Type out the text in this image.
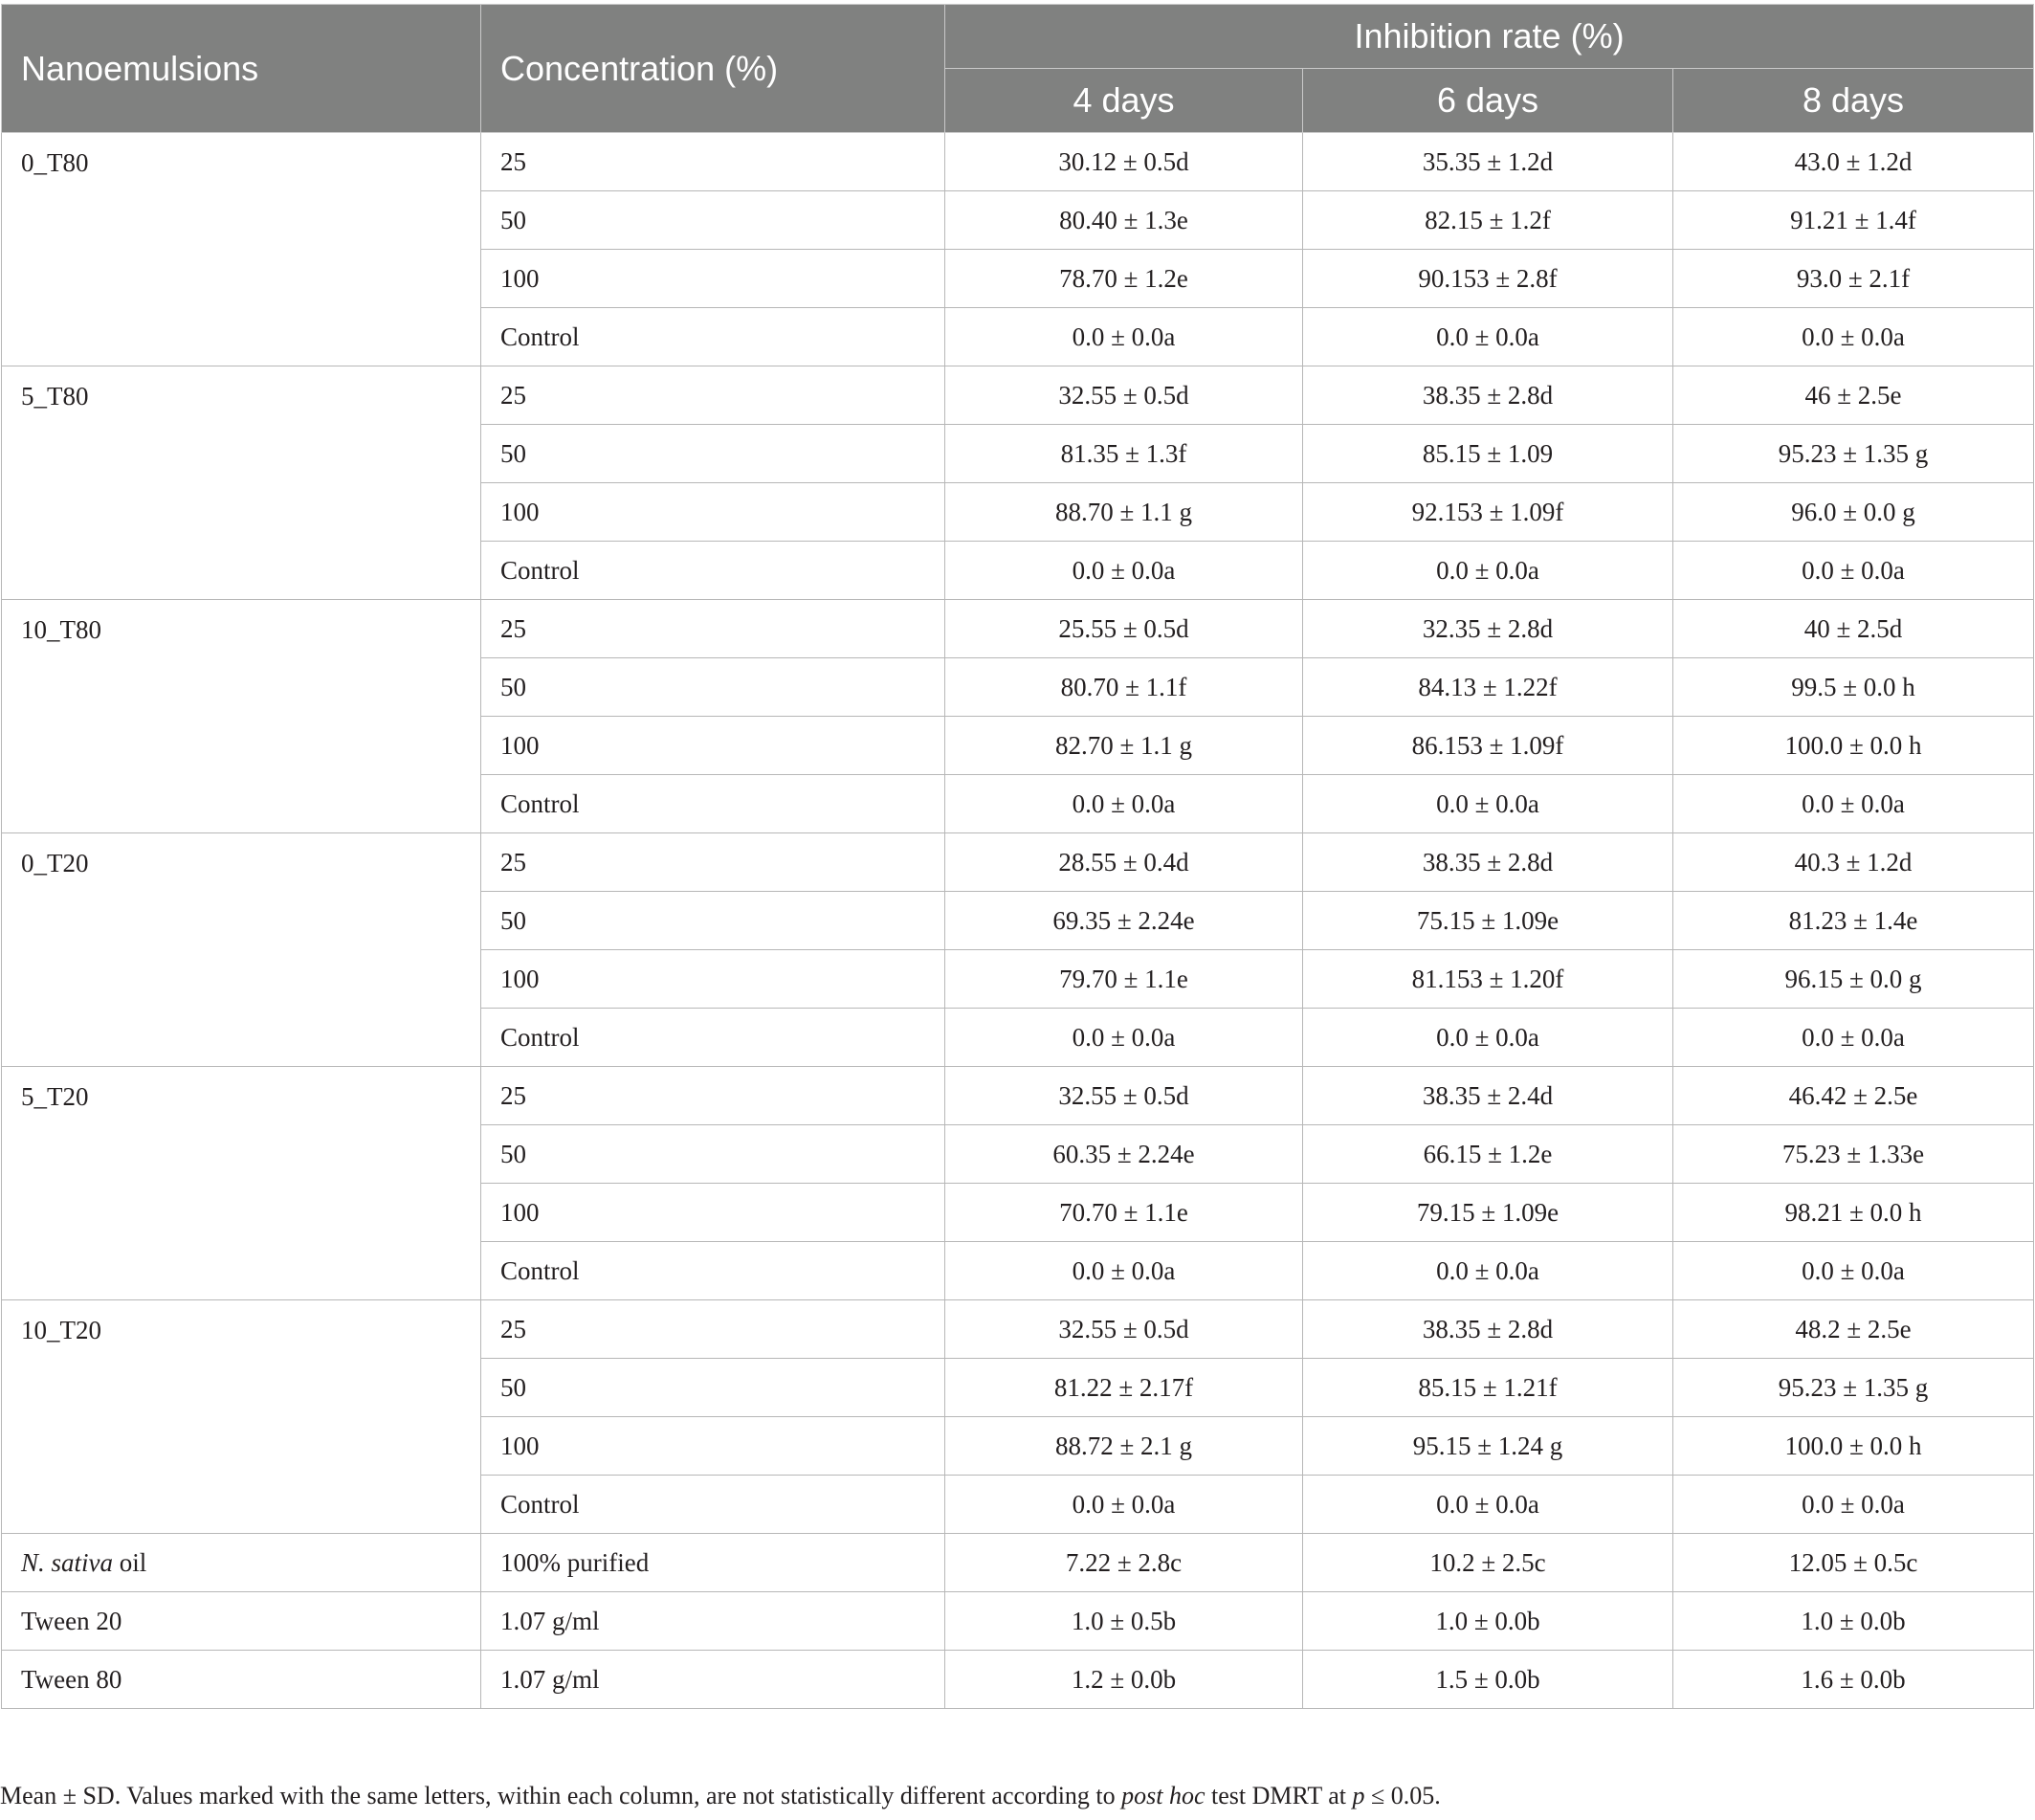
Nanoemulsions	Concentration (%)	Inhibition rate (%)		
		4 days	6 days	8 days
0_T80	25	30.12 ± 0.5d	35.35 ± 1.2d	43.0 ± 1.2d
	50	80.40 ± 1.3e	82.15 ± 1.2f	91.21 ± 1.4f
	100	78.70 ± 1.2e	90.153 ± 2.8f	93.0 ± 2.1f
	Control	0.0 ± 0.0a	0.0 ± 0.0a	0.0 ± 0.0a
5_T80	25	32.55 ± 0.5d	38.35 ± 2.8d	46 ± 2.5e
	50	81.35 ± 1.3f	85.15 ± 1.09	95.23 ± 1.35 g
	100	88.70 ± 1.1 g	92.153 ± 1.09f	96.0 ± 0.0 g
	Control	0.0 ± 0.0a	0.0 ± 0.0a	0.0 ± 0.0a
10_T80	25	25.55 ± 0.5d	32.35 ± 2.8d	40 ± 2.5d
	50	80.70 ± 1.1f	84.13 ± 1.22f	99.5 ± 0.0 h
	100	82.70 ± 1.1 g	86.153 ± 1.09f	100.0 ± 0.0 h
	Control	0.0 ± 0.0a	0.0 ± 0.0a	0.0 ± 0.0a
0_T20	25	28.55 ± 0.4d	38.35 ± 2.8d	40.3 ± 1.2d
	50	69.35 ± 2.24e	75.15 ± 1.09e	81.23 ± 1.4e
	100	79.70 ± 1.1e	81.153 ± 1.20f	96.15 ± 0.0 g
	Control	0.0 ± 0.0a	0.0 ± 0.0a	0.0 ± 0.0a
5_T20	25	32.55 ± 0.5d	38.35 ± 2.4d	46.42 ± 2.5e
	50	60.35 ± 2.24e	66.15 ± 1.2e	75.23 ± 1.33e
	100	70.70 ± 1.1e	79.15 ± 1.09e	98.21 ± 0.0 h
	Control	0.0 ± 0.0a	0.0 ± 0.0a	0.0 ± 0.0a
10_T20	25	32.55 ± 0.5d	38.35 ± 2.8d	48.2 ± 2.5e
	50	81.22 ± 2.17f	85.15 ± 1.21f	95.23 ± 1.35 g
	100	88.72 ± 2.1 g	95.15 ± 1.24 g	100.0 ± 0.0 h
	Control	0.0 ± 0.0a	0.0 ± 0.0a	0.0 ± 0.0a
N. sativa oil	100% purified	7.22 ± 2.8c	10.2 ± 2.5c	12.05 ± 0.5c
Tween 20	1.07 g/ml	1.0 ± 0.5b	1.0 ± 0.0b	1.0 ± 0.0b
Tween 80	1.07 g/ml	1.2 ± 0.0b	1.5 ± 0.0b	1.6 ± 0.0b
Mean ± SD. Values marked with the same letters, within each column, are not statistically different according to post hoc test DMRT at p ≤ 0.05.
